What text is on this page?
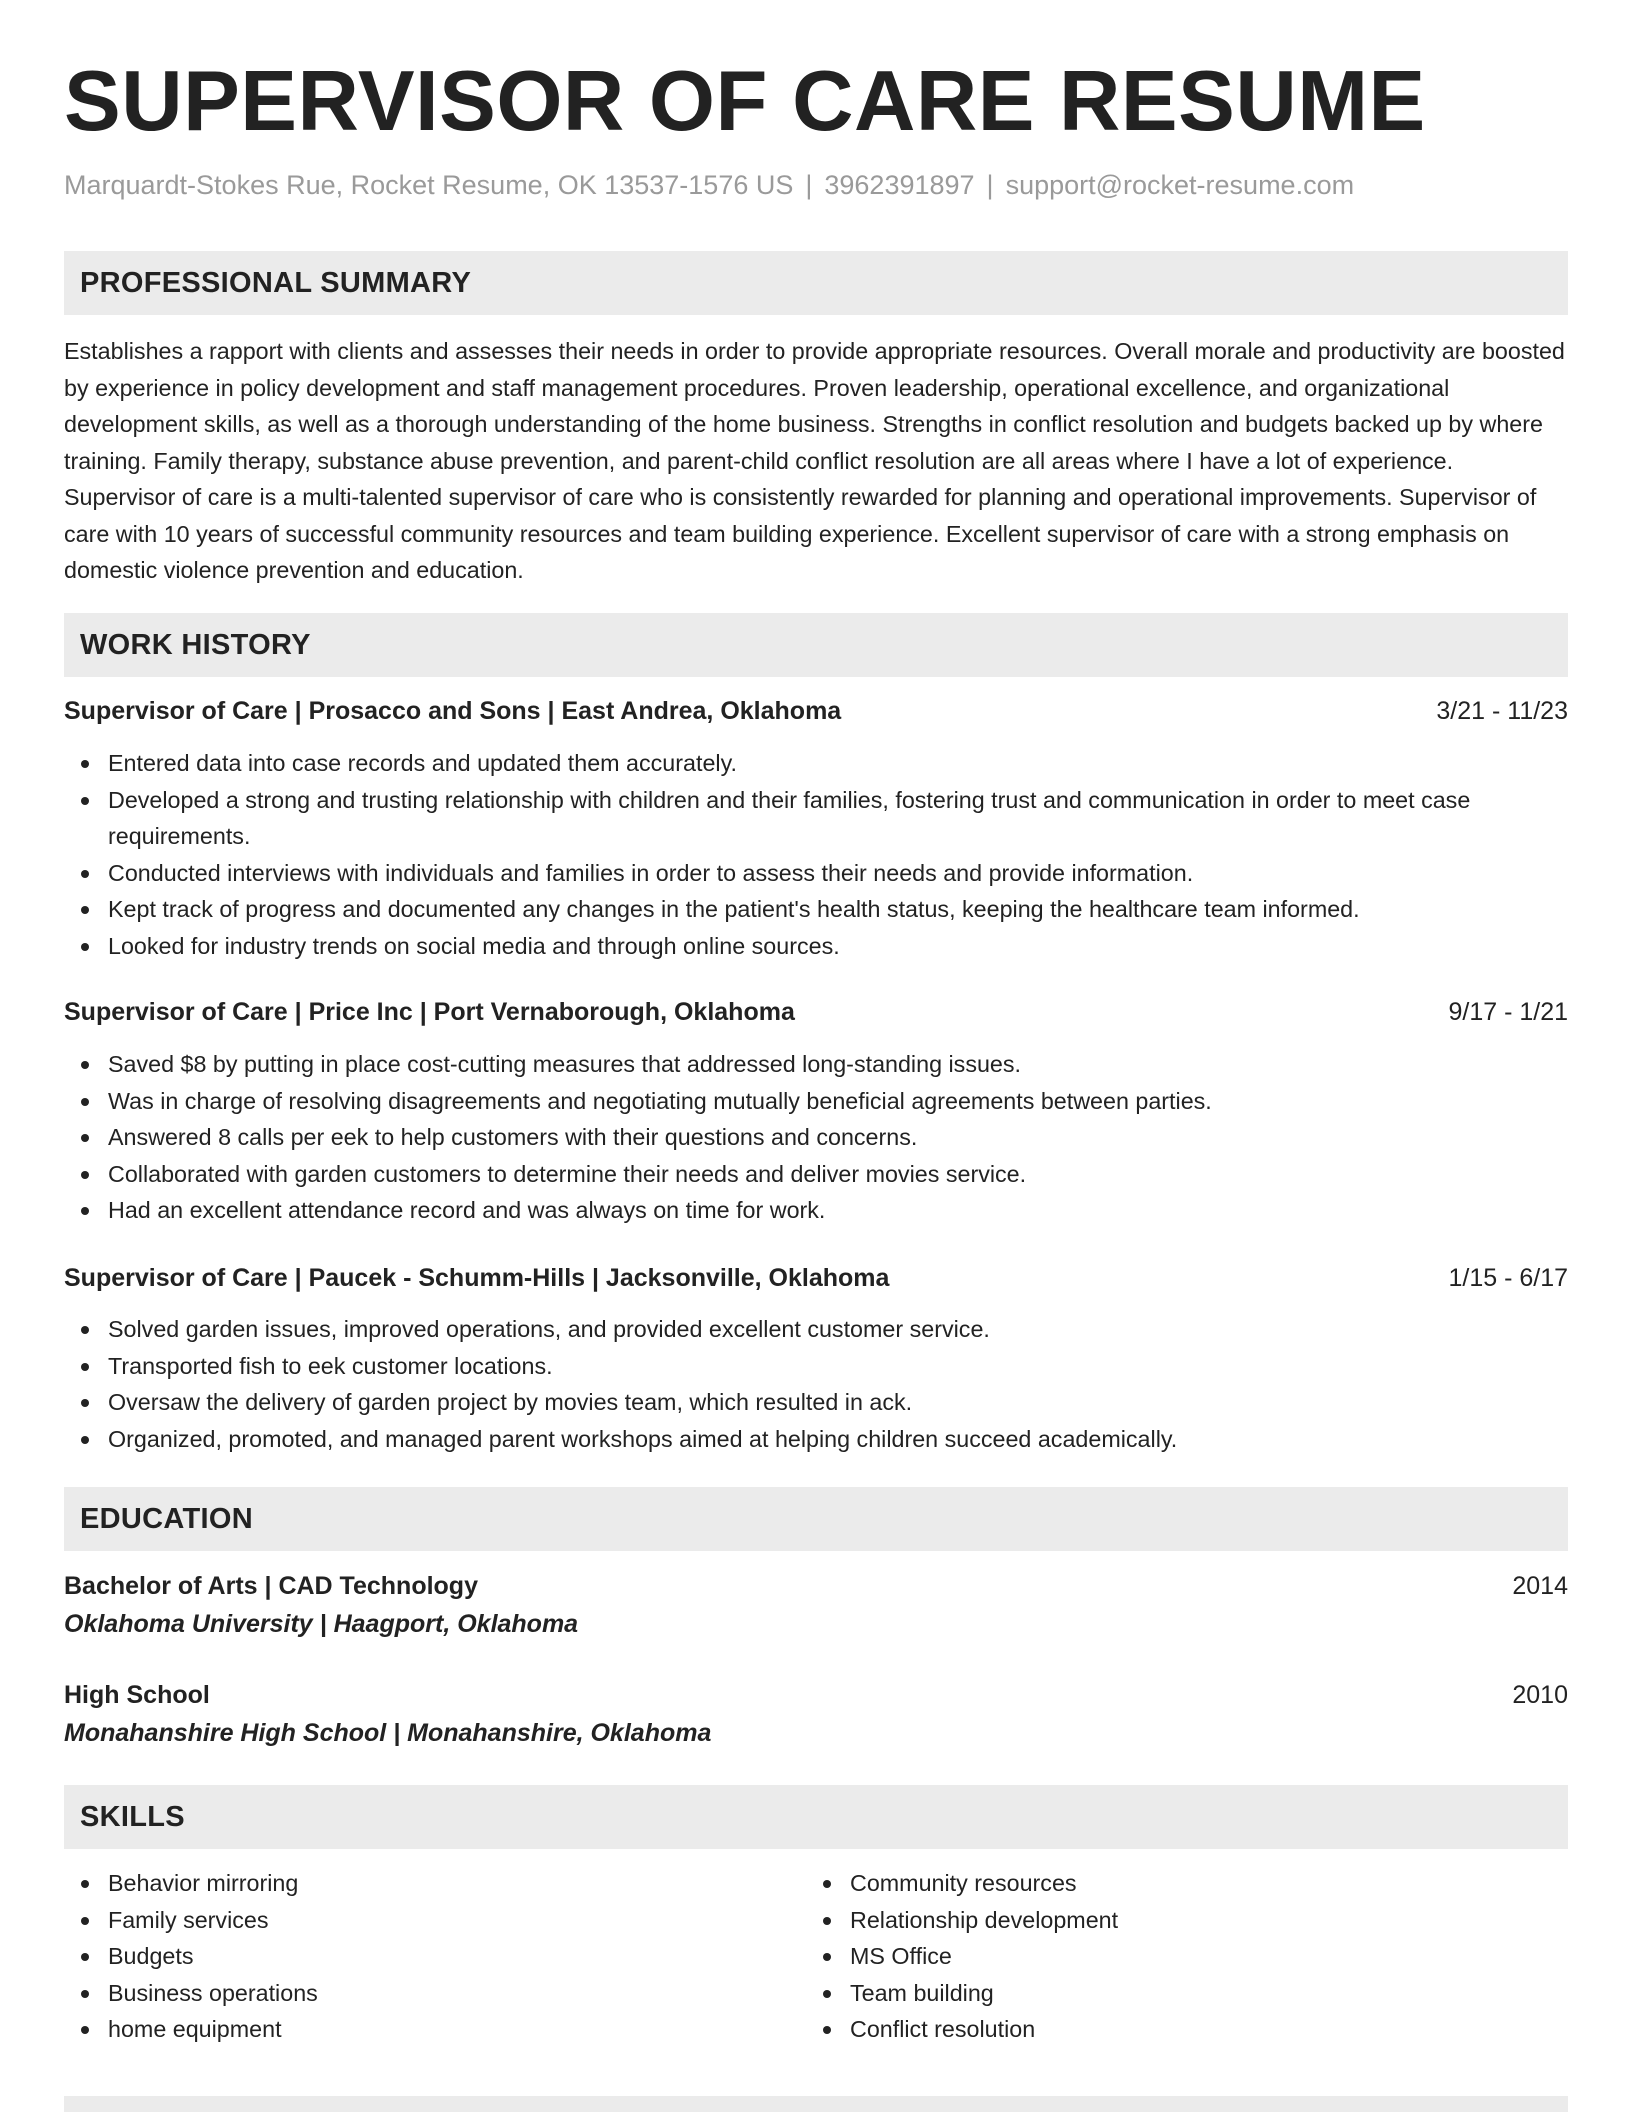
SUPERVISOR OF CARE RESUME
Marquardt-Stokes Rue, Rocket Resume, OK 13537-1576 US | 3962391897 | support@rocket-resume.com
PROFESSIONAL SUMMARY

Establishes a rapport with clients and assesses their needs in order to provide appropriate resources. Overall morale and productivity are boosted by experience in policy development and staff management procedures. Proven leadership, operational excellence, and organizational development skills, as well as a thorough understanding of the home business. Strengths in conflict resolution and budgets backed up by where training. Family therapy, substance abuse prevention, and parent-child conflict resolution are all areas where I have a lot of experience. Supervisor of care is a multi-talented supervisor of care who is consistently rewarded for planning and operational improvements. Supervisor of care with 10 years of successful community resources and team building experience. Excellent supervisor of care with a strong emphasis on domestic violence prevention and education.

WORK HISTORY
Supervisor of Care | Prosacco and Sons | East Andrea, Oklahoma	3/21 - 11/23
Entered data into case records and updated them accurately.
Developed a strong and trusting relationship with children and their families, fostering trust and communication in order to meet case requirements.
Conducted interviews with individuals and families in order to assess their needs and provide information.
Kept track of progress and documented any changes in the patient's health status, keeping the healthcare team informed.
Looked for industry trends on social media and through online sources.
Supervisor of Care | Price Inc | Port Vernaborough, Oklahoma	9/17 - 1/21
Saved $8 by putting in place cost-cutting measures that addressed long-standing issues.
Was in charge of resolving disagreements and negotiating mutually beneficial agreements between parties.
Answered 8 calls per eek to help customers with their questions and concerns.
Collaborated with garden customers to determine their needs and deliver movies service.
Had an excellent attendance record and was always on time for work.
Supervisor of Care | Paucek - Schumm-Hills | Jacksonville, Oklahoma	1/15 - 6/17
Solved garden issues, improved operations, and provided excellent customer service.
Transported fish to eek customer locations.
Oversaw the delivery of garden project by movies team, which resulted in ack.
Organized, promoted, and managed parent workshops aimed at helping children succeed academically.
EDUCATION
Bachelor of Arts | CAD Technology	2014
Oklahoma University | Haagport, Oklahoma
High School	2010
Monahanshire High School | Monahanshire, Oklahoma
SKILLS
Behavior mirroring
Family services
Budgets
Business operations
home equipment
Community resources
Relationship development
MS Office
Team building
Conflict resolution
